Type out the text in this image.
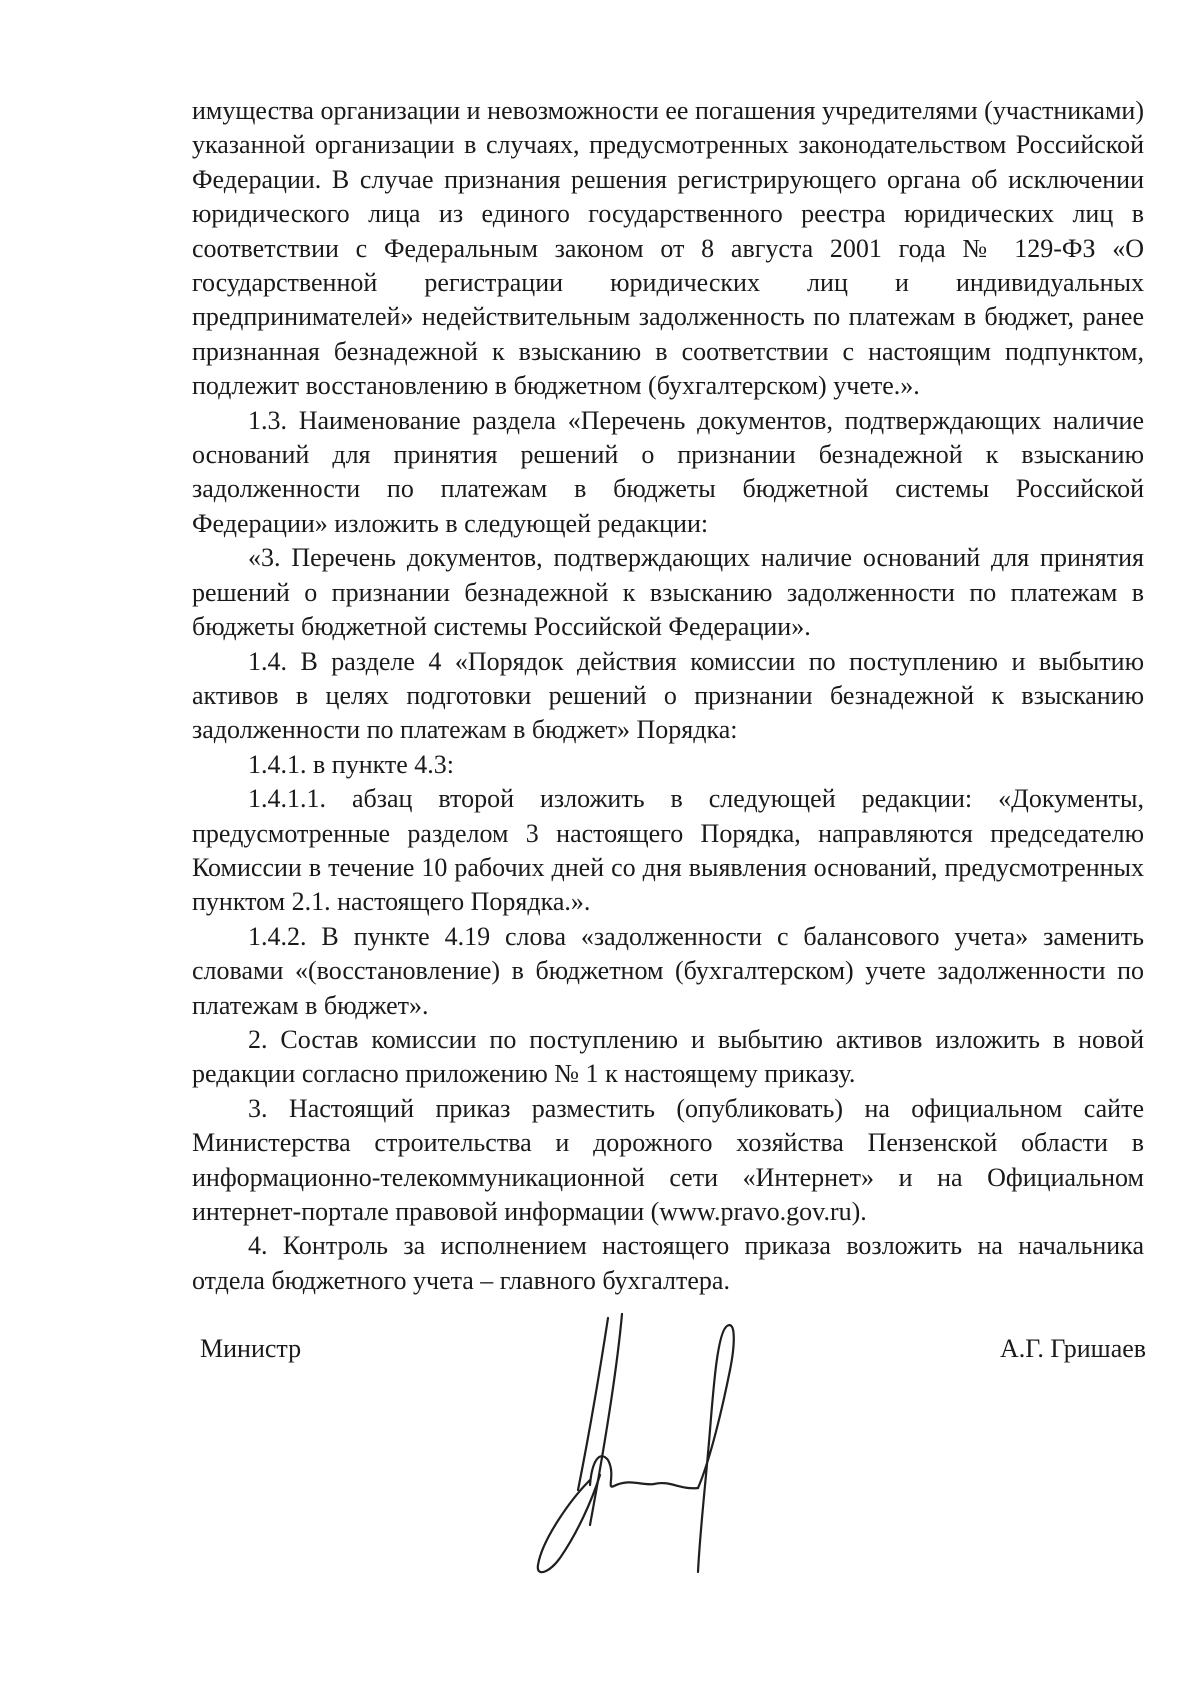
имущества организации и невозможности ее погашения учредителями (участниками) указанной организации в случаях, предусмотренных законодательством Российской Федерации. В случае признания решения регистрирующего органа об исключении юридического лица из единого государственного реестра юридических лиц в соответствии с Федеральным законом от 8 августа 2001 года № 129-ФЗ «О государственной регистрации юридических лиц и индивидуальных предпринимателей» недействительным задолженность по платежам в бюджет, ранее признанная безнадежной к взысканию в соответствии с настоящим подпунктом, подлежит восстановлению в бюджетном (бухгалтерском) учете.».

1.3. Наименование раздела «Перечень документов, подтверждающих наличие оснований для принятия решений о признании безнадежной к взысканию задолженности по платежам в бюджеты бюджетной системы Российской Федерации» изложить в следующей редакции:

«3. Перечень документов, подтверждающих наличие оснований для принятия решений о признании безнадежной к взысканию задолженности по платежам в бюджеты бюджетной системы Российской Федерации».

1.4. В разделе 4 «Порядок действия комиссии по поступлению и выбытию активов в целях подготовки решений о признании безнадежной к взысканию задолженности по платежам в бюджет» Порядка:

1.4.1. в пункте 4.3:

1.4.1.1. абзац второй изложить в следующей редакции: «Документы, предусмотренные разделом 3 настоящего Порядка, направляются председателю Комиссии в течение 10 рабочих дней со дня выявления оснований, предусмотренных пунктом 2.1. настоящего Порядка.».

1.4.2. В пункте 4.19 слова «задолженности с балансового учета» заменить словами «(восстановление) в бюджетном (бухгалтерском) учете задолженности по платежам в бюджет».

2. Состав комиссии по поступлению и выбытию активов изложить в новой редакции согласно приложению № 1 к настоящему приказу.

3. Настоящий приказ разместить (опубликовать) на официальном сайте Министерства строительства и дорожного хозяйства Пензенской области в информационно-телекоммуникационной сети «Интернет» и на Официальном интернет-портале правовой информации (www.pravo.gov.ru).

4. Контроль за исполнением настоящего приказа возложить на начальника отдела бюджетного учета – главного бухгалтера.

Министр	А.Г. Гришаев
